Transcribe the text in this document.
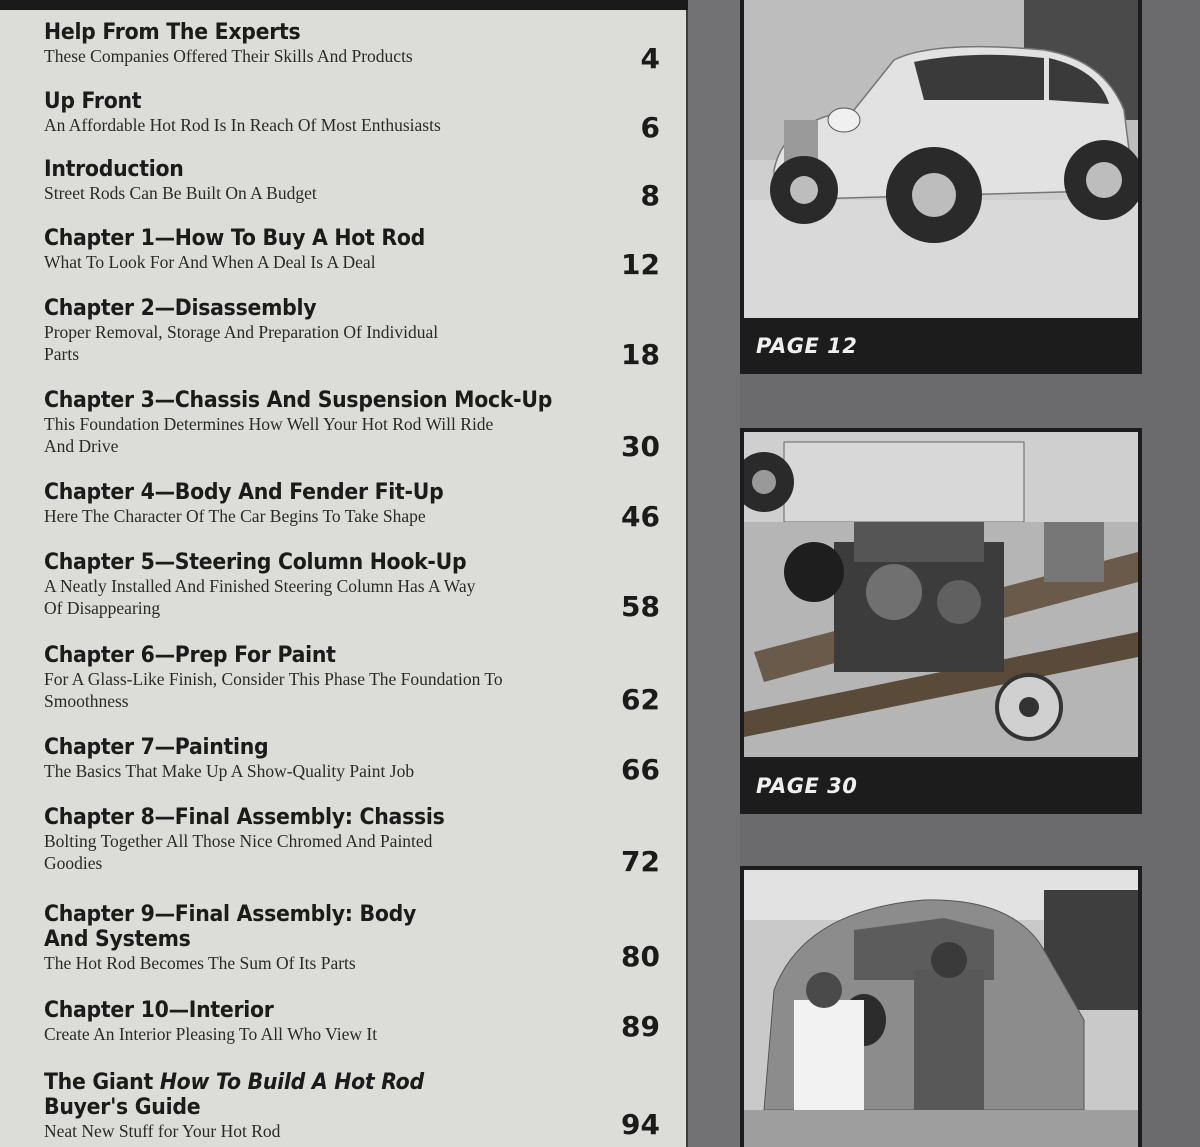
Help From The Experts
These Companies Offered Their Skills And Products	4
Up Front
An Affordable Hot Rod Is In Reach Of Most Enthusiasts	6
Introduction
Street Rods Can Be Built On A Budget	8
Chapter 1—How To Buy A Hot Rod
What To Look For And When A Deal Is A Deal	12
Chapter 2—Disassembly
Proper Removal, Storage And Preparation Of Individual Parts	18
Chapter 3—Chassis And Suspension Mock-Up
This Foundation Determines How Well Your Hot Rod Will Ride And Drive	30
Chapter 4—Body And Fender Fit-Up
Here The Character Of The Car Begins To Take Shape	46
Chapter 5—Steering Column Hook-Up
A Neatly Installed And Finished Steering Column Has A Way Of Disappearing	58
Chapter 6—Prep For Paint
For A Glass-Like Finish, Consider This Phase The Foundation To Smoothness	62
Chapter 7—Painting
The Basics That Make Up A Show-Quality Paint Job	66
Chapter 8—Final Assembly: Chassis
Bolting Together All Those Nice Chromed And Painted Goodies	72
Chapter 9—Final Assembly: Body And Systems
The Hot Rod Becomes The Sum Of Its Parts	80
Chapter 10—Interior
Create An Interior Pleasing To All Who View It	89
The Giant How To Build A Hot Rod
Buyer's Guide
Neat New Stuff for Your Hot Rod	94
PAGE 12
PAGE 30
